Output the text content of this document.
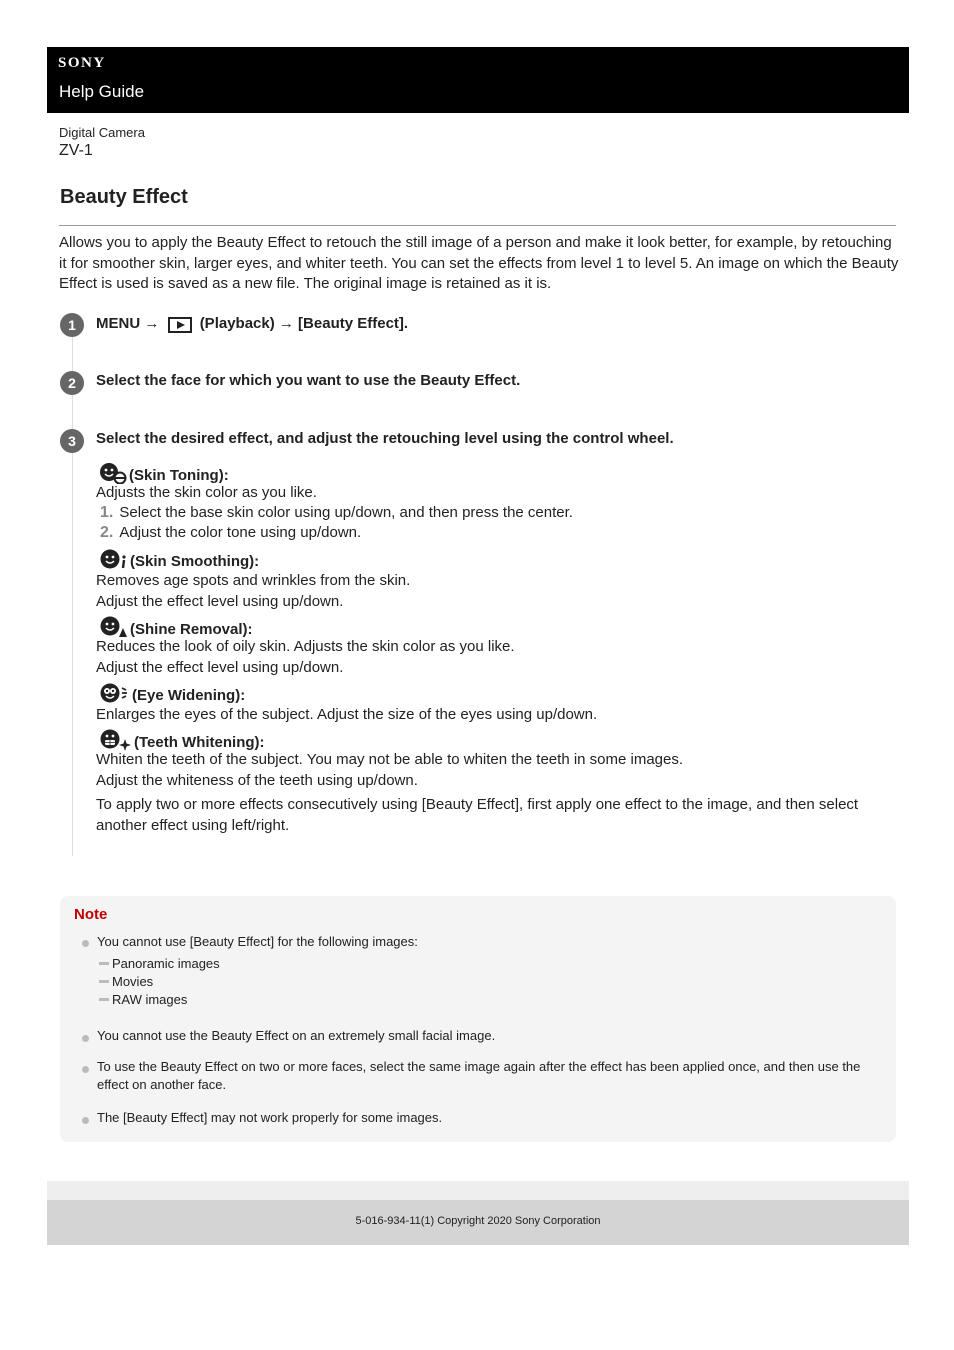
SONY
Help Guide
Digital Camera
ZV-1
Beauty Effect
Allows you to apply the Beauty Effect to retouch the still image of a person and make it look better, for example, by retouching it for smoother skin, larger eyes, and whiter teeth. You can set the effects from level 1 to level 5. An image on which the Beauty Effect is used is saved as a new file. The original image is retained as it is.
1	MENU →	(Playback) → [Beauty Effect].
2	Select the face for which you want to use the Beauty Effect.
3	Select the desired effect, and adjust the retouching level using the control wheel.
(Skin Toning):
Adjusts the skin color as you like.
1. Select the base skin color using up/down, and then press the center.
2. Adjust the color tone using up/down.
(Skin Smoothing):
Removes age spots and wrinkles from the skin.
Adjust the effect level using up/down.
(Shine Removal):
Reduces the look of oily skin. Adjusts the skin color as you like.
Adjust the effect level using up/down.
(Eye Widening):
Enlarges the eyes of the subject. Adjust the size of the eyes using up/down.
(Teeth Whitening):
Whiten the teeth of the subject. You may not be able to whiten the teeth in some images.
Adjust the whiteness of the teeth using up/down.
To apply two or more effects consecutively using [Beauty Effect], first apply one effect to the image, and then select another effect using left/right.
Note
You cannot use [Beauty Effect] for the following images:
Panoramic images
Movies
RAW images
You cannot use the Beauty Effect on an extremely small facial image.
To use the Beauty Effect on two or more faces, select the same image again after the effect has been applied once, and then use the effect on another face.
The [Beauty Effect] may not work properly for some images.
5-016-934-11(1) Copyright 2020 Sony Corporation
